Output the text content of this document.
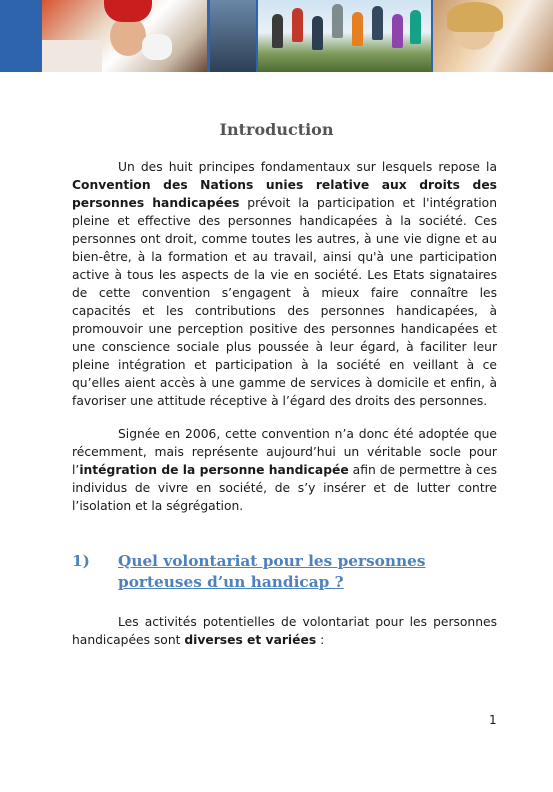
Introduction
Un des huit principes fondamentaux sur lesquels repose la Convention des Nations unies relative aux droits des personnes handicapées prévoit la participation et l'intégration pleine et effective des personnes handicapées à la société. Ces personnes ont droit, comme toutes les autres, à une vie digne et au bien-être, à la formation et au travail, ainsi qu'à une participation active à tous les aspects de la vie en société. Les Etats signataires de cette convention s’engagent à mieux faire connaître les capacités et les contributions des personnes handicapées, à promouvoir une perception positive des personnes handicapées et une conscience sociale plus poussée à leur égard, à faciliter leur pleine intégration et participation à la société en veillant à ce qu’elles aient accès à une gamme de services à domicile et enfin, à favoriser une attitude réceptive à l’égard des droits des personnes.
Signée en 2006, cette convention n’a donc été adoptée que récemment, mais représente aujourd’hui un véritable socle pour l’intégration de la personne handicapée afin de permettre à ces individus de vivre en société, de s’y insérer et de lutter contre l’isolation et la ségrégation.
1) Quel volontariat pour les personnes porteuses d’un handicap ?
Les activités potentielles de volontariat pour les personnes handicapées sont diverses et variées :
1
